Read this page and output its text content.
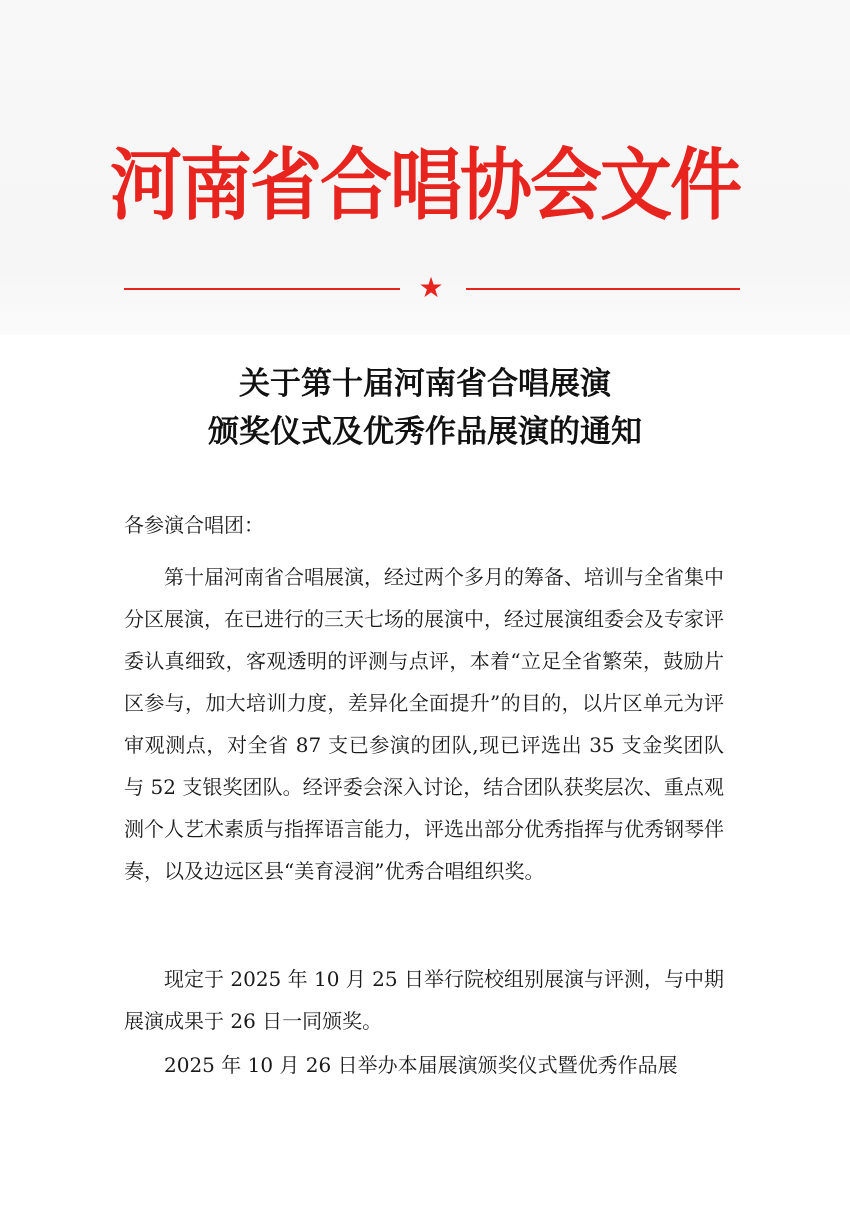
河南省合唱协会文件
★
关于第十届河南省合唱展演
颁奖仪式及优秀作品展演的通知
各参演合唱团：

第十届河南省合唱展演，经过两个多月的筹备、培训与全省集中分区展演，在已进行的三天七场的展演中，经过展演组委会及专家评委认真细致，客观透明的评测与点评，本着“立足全省繁荣，鼓励片区参与，加大培训力度，差异化全面提升”的目的，以片区单元为评审观测点，对全省 87 支已参演的团队,现已评选出 35 支金奖团队与 52 支银奖团队。经评委会深入讨论，结合团队获奖层次、重点观测个人艺术素质与指挥语言能力，评选出部分优秀指挥与优秀钢琴伴奏，以及边远区县“美育浸润”优秀合唱组织奖。

现定于 2025 年 10 月 25 日举行院校组别展演与评测，与中期展演成果于 26 日一同颁奖。

2025 年 10 月 26 日举办本届展演颁奖仪式暨优秀作品展
